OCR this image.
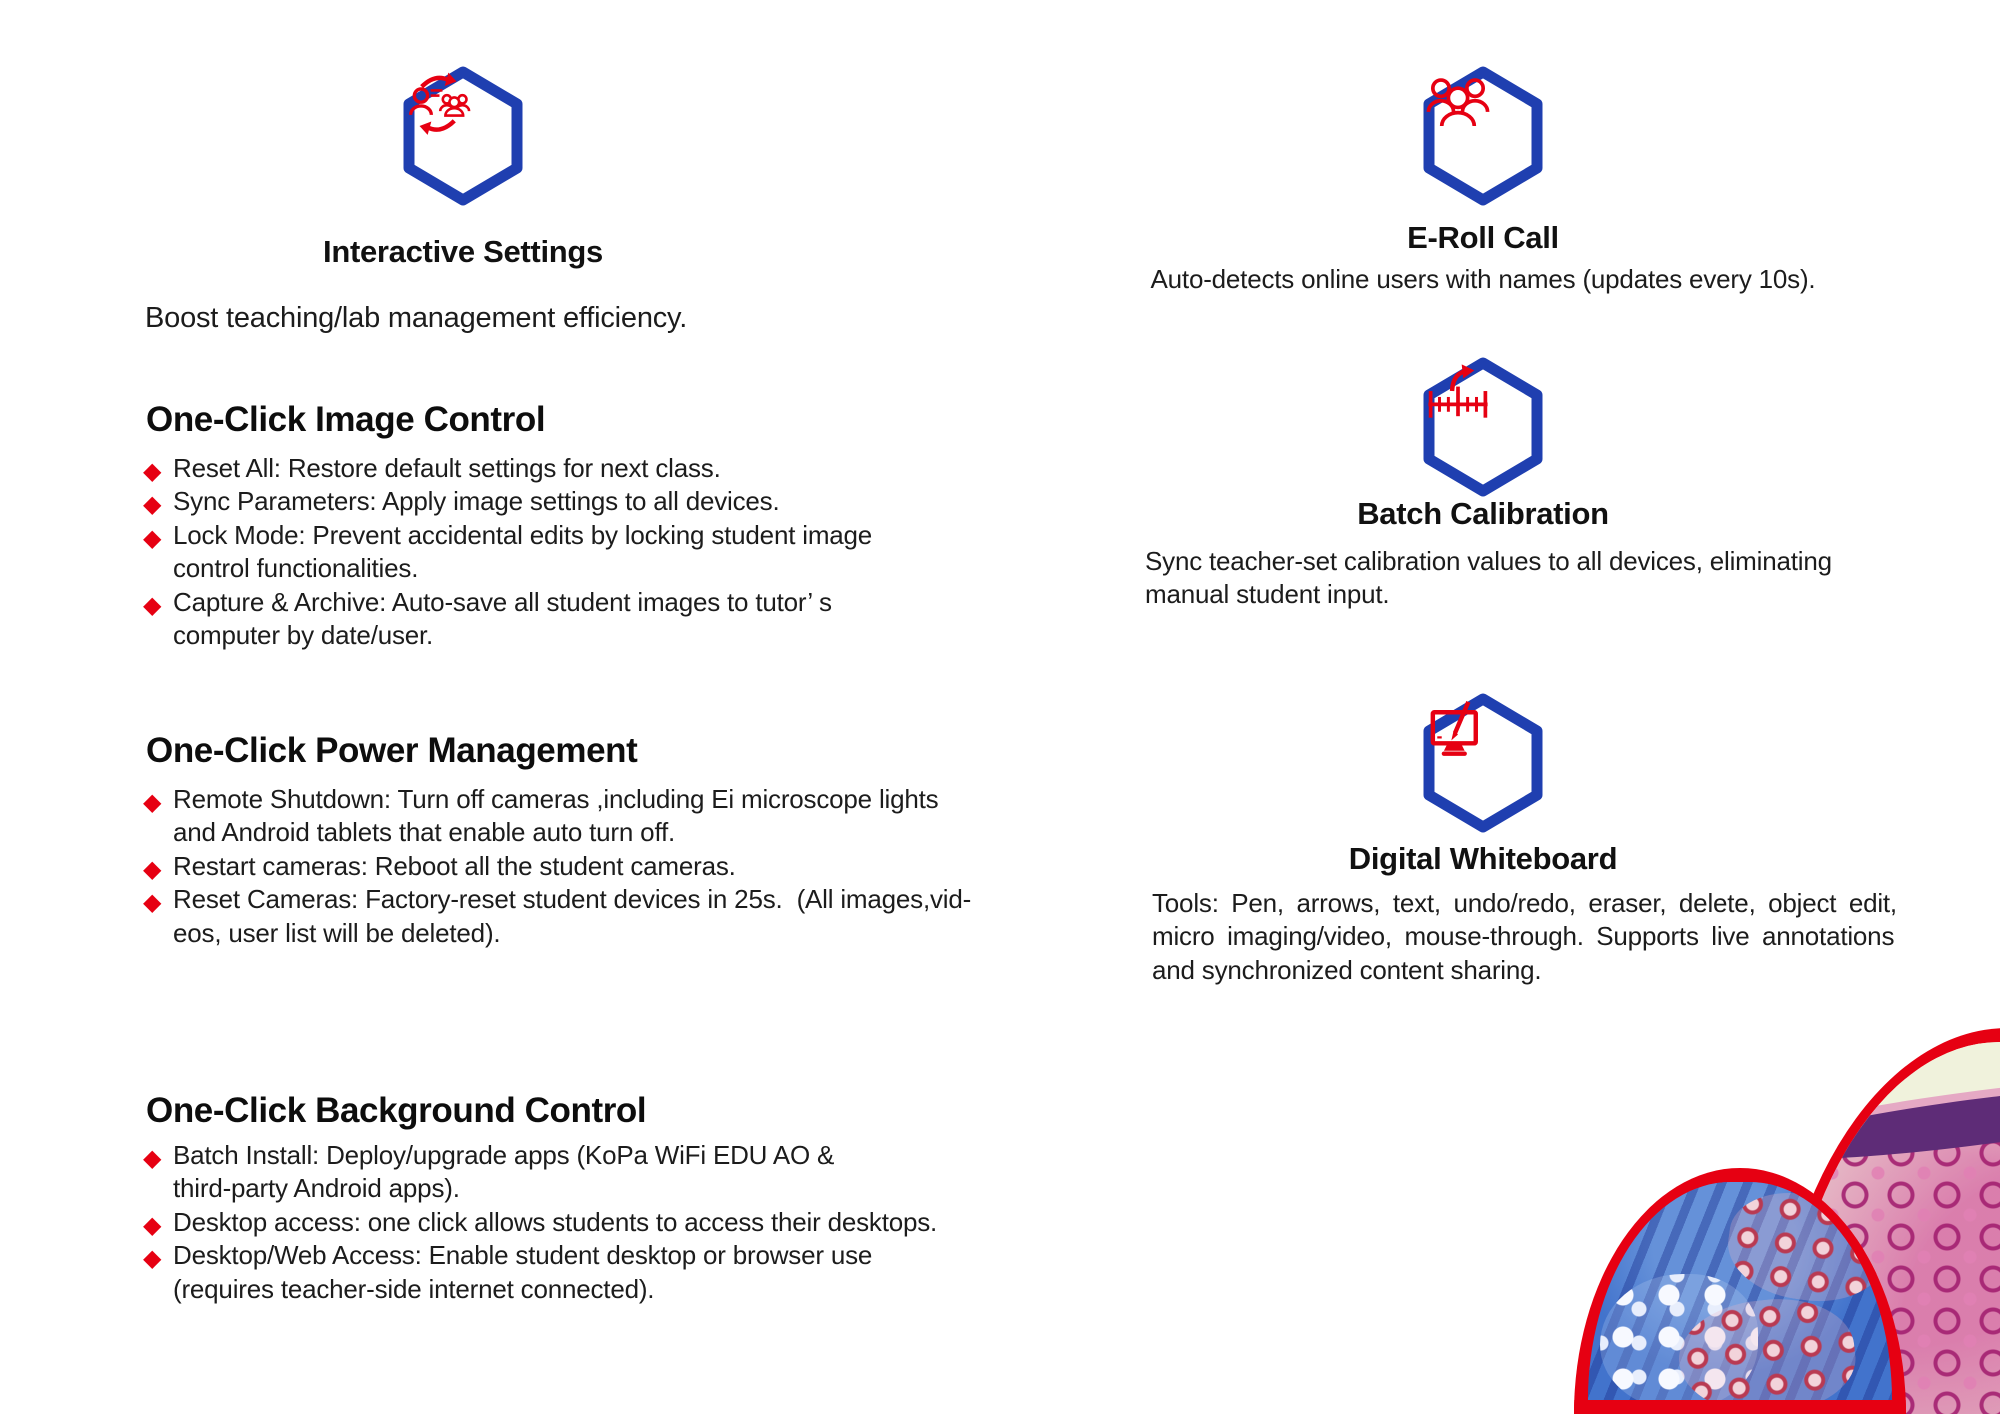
Interactive Settings
Boost teaching/lab management efficiency.
One-Click Image Control
◆ Reset All: Restore default settings for next class.
◆ Sync Parameters: Apply image settings to all devices.
◆ Lock Mode: Prevent accidental edits by locking student image
control functionalities.
◆ Capture & Archive: Auto-save all student images to tutor’ s
computer by date/user.
One-Click Power Management
◆ Remote Shutdown: Turn off cameras ,including Ei microscope lights
and Android tablets that enable auto turn off.
◆ Restart cameras: Reboot all the student cameras.
◆ Reset Cameras: Factory-reset student devices in 25s.  (All images,vid-
eos, user list will be deleted).
One-Click Background Control
◆ Batch Install: Deploy/upgrade apps (KoPa WiFi EDU AO &
third-party Android apps).
◆ Desktop access: one click allows students to access their desktops.
◆ Desktop/Web Access: Enable student desktop or browser use
(requires teacher-side internet connected).
E-Roll Call
Auto-detects online users with names (updates every 10s).
Batch Calibration
Sync teacher-set calibration values to all devices, eliminating
manual student input.
Digital Whiteboard
Tools: Pen, arrows, text, undo/redo, eraser, delete, object edit,
micro imaging/video, mouse-through. Supports live annotations
and synchronized content sharing.
